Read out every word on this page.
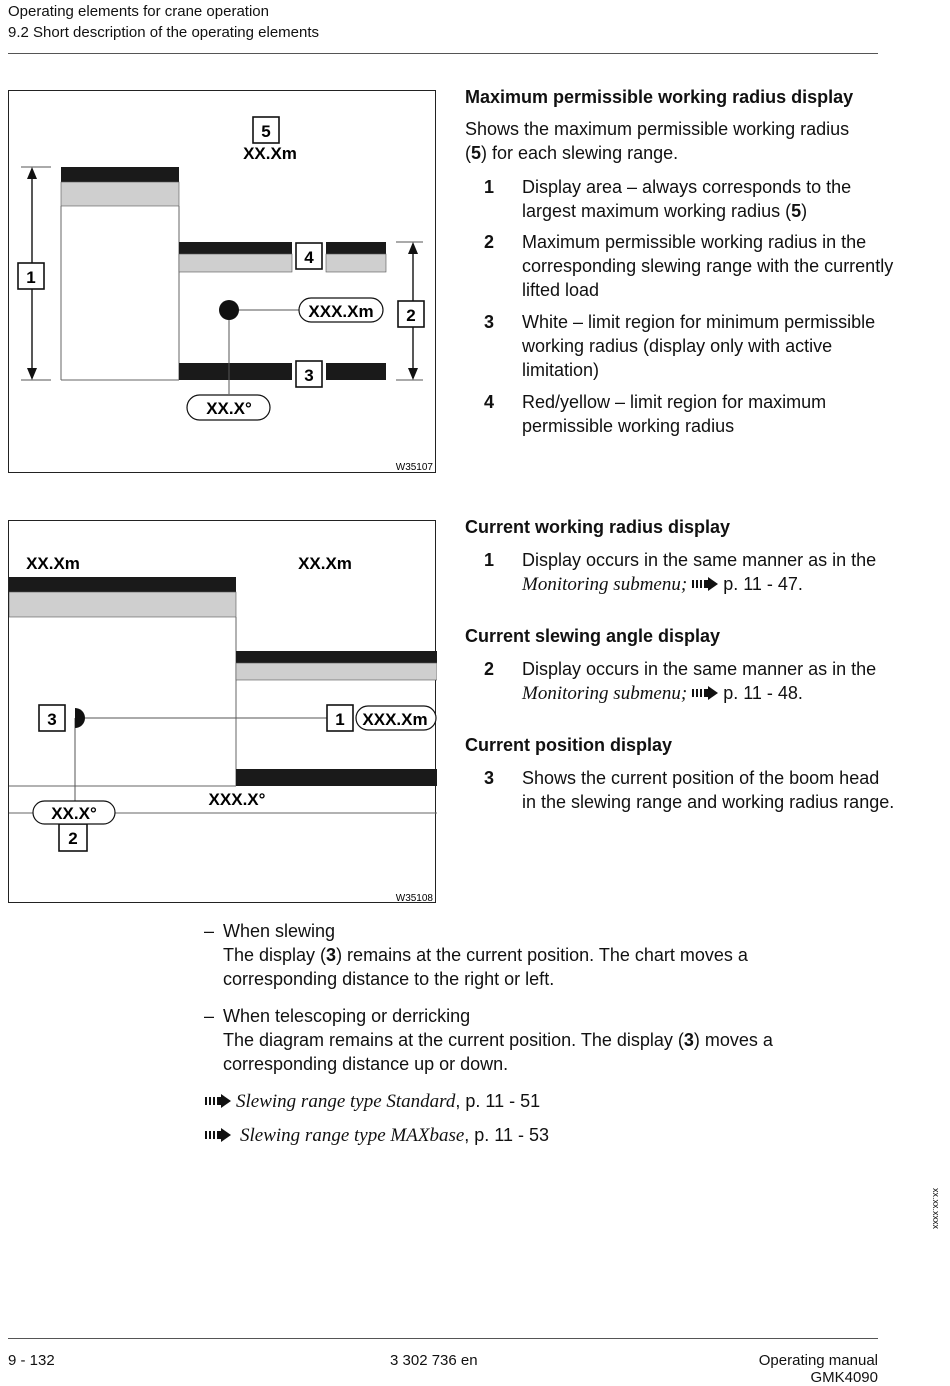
Operating elements for crane operation
9.2 Short description of the operating elements
5
XX.Xm
1
4
2
3
XXX.Xm
XX.X°
W35107
XX.Xm	XX.Xm
3	1
2
XXX.Xm
XX.X°
XXX.X°
W35108
Maximum permissible working radius display
Shows the maximum permissible working radius (5) for each slewing range.
1 Display area – always corresponds to the largest maximum working radius (5)
2 Maximum permissible working radius in the corresponding slewing range with the currently lifted load
3 White – limit region for minimum permissible working radius (display only with active limitation)
4 Red/yellow – limit region for maximum permissible working radius
Current working radius display
1 Display occurs in the same manner as in the Monitoring submenu; p. 11 - 47.
Current slewing angle display
2 Display occurs in the same manner as in the Monitoring submenu; p. 11 - 48.
Current position display
3 Shows the current position of the boom head in the slewing range and working radius range.
– When slewing
The display (3) remains at the current position. The chart moves a corresponding distance to the right or left.
– When telescoping or derricking
The diagram remains at the current position. The display (3) moves a corresponding distance up or down.
Slewing range type Standard, p. 11 - 51
Slewing range type MAXbase, p. 11 - 53
xx.xx.xxxx
9 - 132	3 302 736 en	Operating manual
GMK4090
